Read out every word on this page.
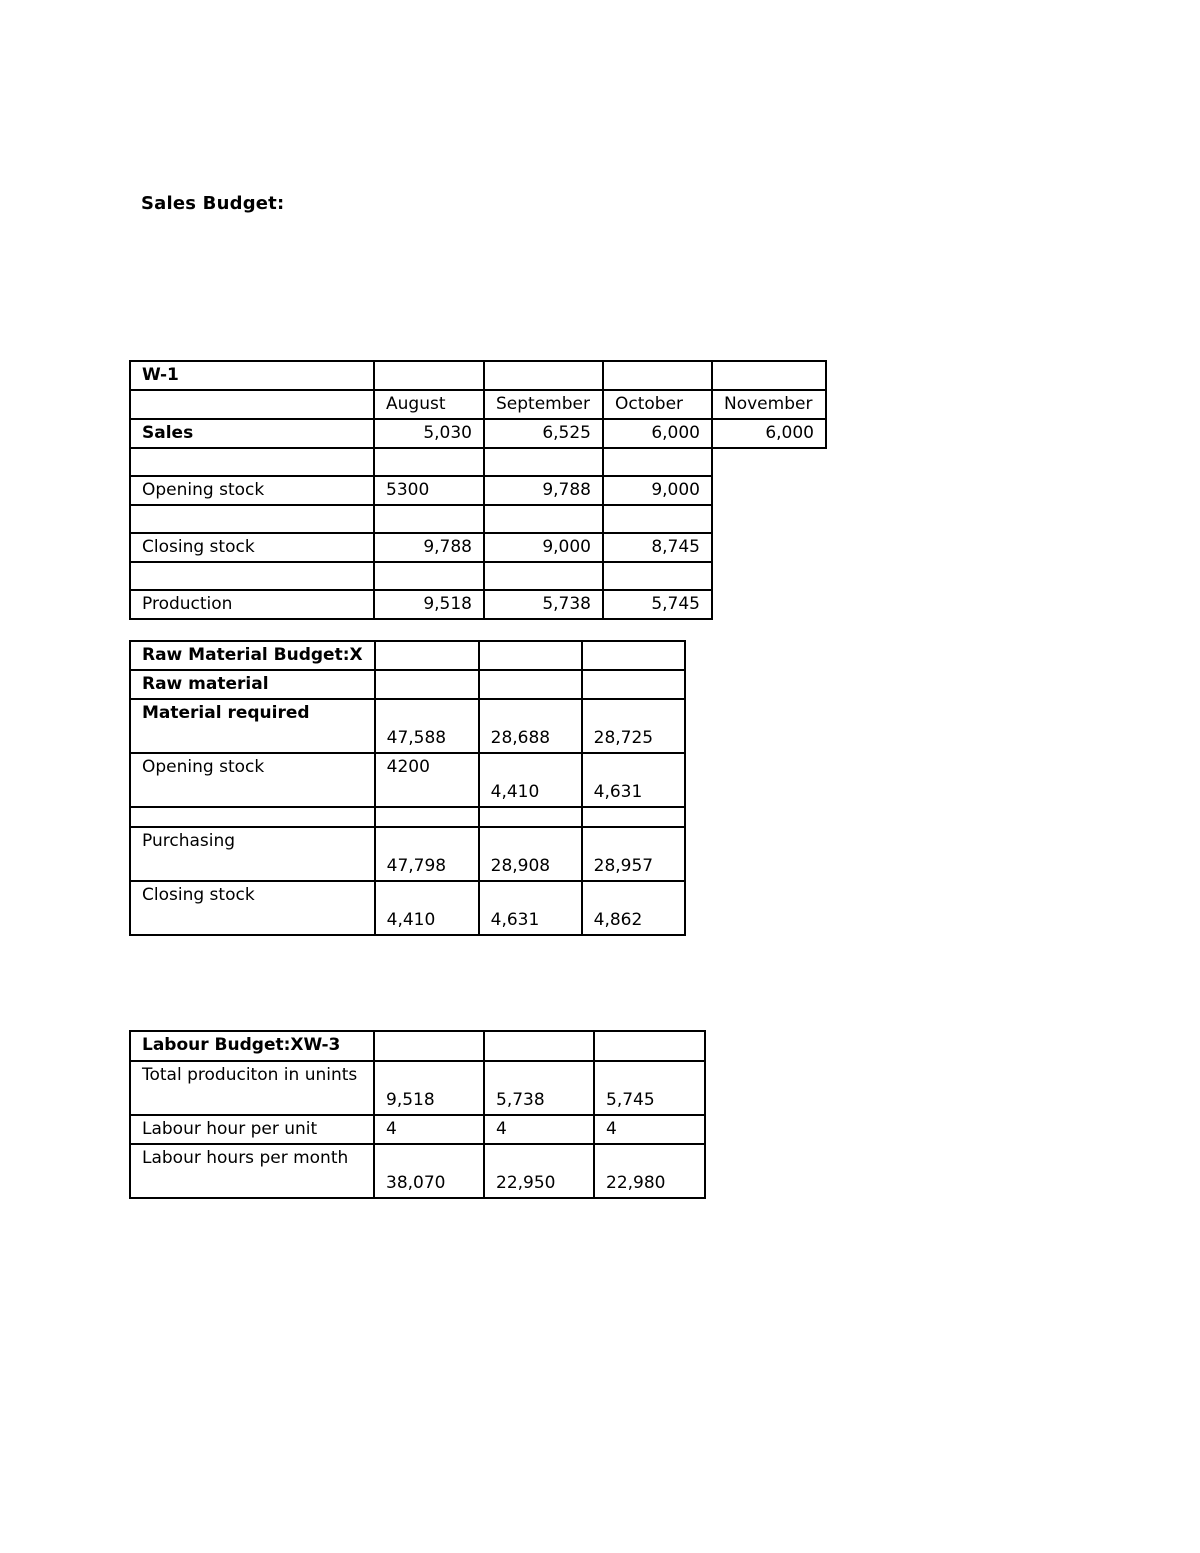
Sales Budget:
W-1				
	August	September	October	November
Sales	5,030	6,525	6,000	6,000

Opening stock	5300	9,788	9,000	

Closing stock	9,788	9,000	8,745	

Production	9,518	5,738	5,745	
Raw Material Budget:X			
Raw material			
Material required	47,588	28,688	28,725
Opening stock	4200	4,410	4,631

Purchasing	47,798	28,908	28,957
Closing stock	4,410	4,631	4,862
Labour Budget:XW-3			
Total produciton in unints	9,518	5,738	5,745
Labour hour per unit	4	4	4
Labour hours per month	38,070	22,950	22,980
